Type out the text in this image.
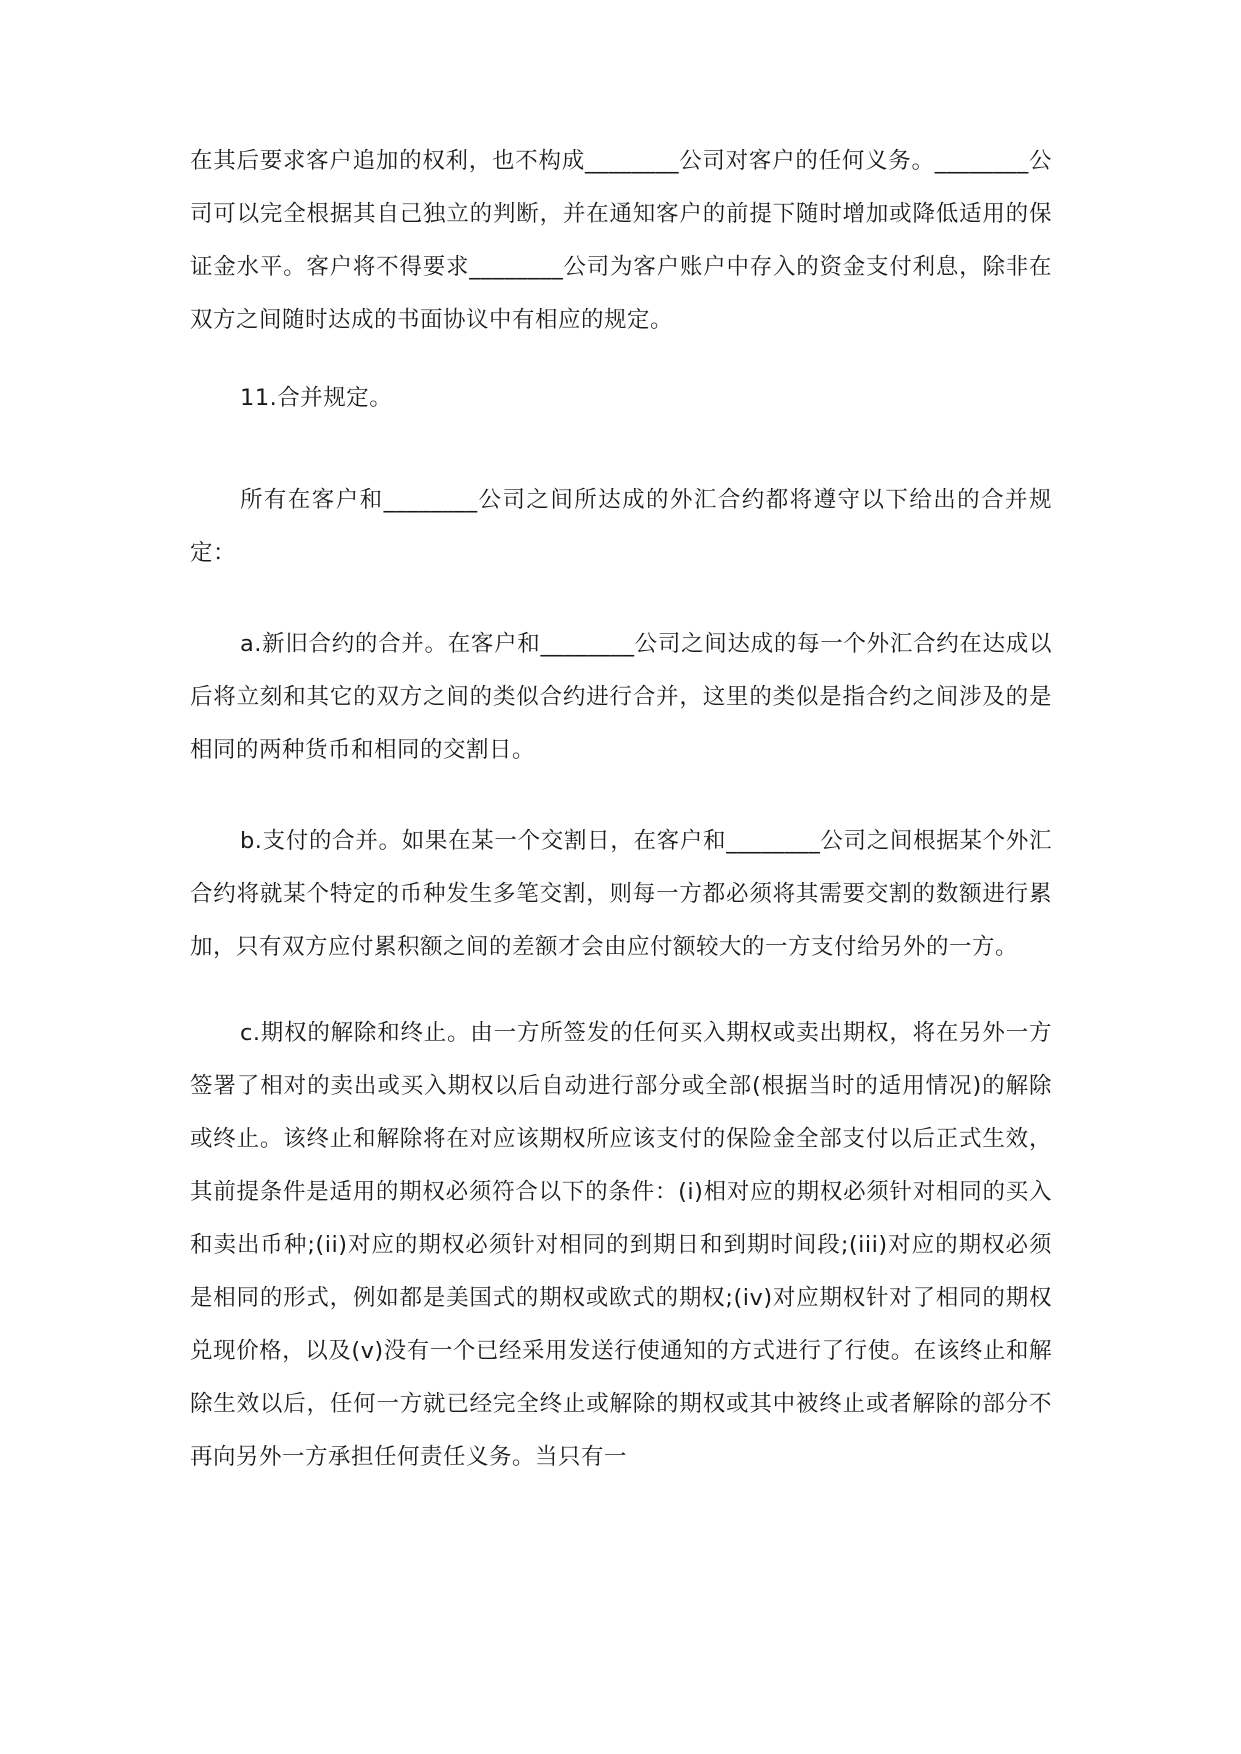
在其后要求客户追加的权利，也不构成________公司对客户的任何义务。________公司可以完全根据其自己独立的判断，并在通知客户的前提下随时增加或降低适用的保证金水平。客户将不得要求________公司为客户账户中存入的资金支付利息，除非在双方之间随时达成的书面协议中有相应的规定。

11.合并规定。

所有在客户和________公司之间所达成的外汇合约都将遵守以下给出的合并规定：

a.新旧合约的合并。在客户和________公司之间达成的每一个外汇合约在达成以后将立刻和其它的双方之间的类似合约进行合并，这里的类似是指合约之间涉及的是相同的两种货币和相同的交割日。

b.支付的合并。如果在某一个交割日，在客户和________公司之间根据某个外汇合约将就某个特定的币种发生多笔交割，则每一方都必须将其需要交割的数额进行累加，只有双方应付累积额之间的差额才会由应付额较大的一方支付给另外的一方。

c.期权的解除和终止。由一方所签发的任何买入期权或卖出期权，将在另外一方签署了相对的卖出或买入期权以后自动进行部分或全部(根据当时的适用情况)的解除或终止。该终止和解除将在对应该期权所应该支付的保险金全部支付以后正式生效，其前提条件是适用的期权必须符合以下的条件：(i)相对应的期权必须针对相同的买入和卖出币种;(ii)对应的期权必须针对相同的到期日和到期时间段;(iii)对应的期权必须是相同的形式，例如都是美国式的期权或欧式的期权;(iv)对应期权针对了相同的期权兑现价格，以及(v)没有一个已经采用发送行使通知的方式进行了行使。在该终止和解除生效以后，任何一方就已经完全终止或解除的期权或其中被终止或者解除的部分不再向另外一方承担任何责任义务。当只有一
